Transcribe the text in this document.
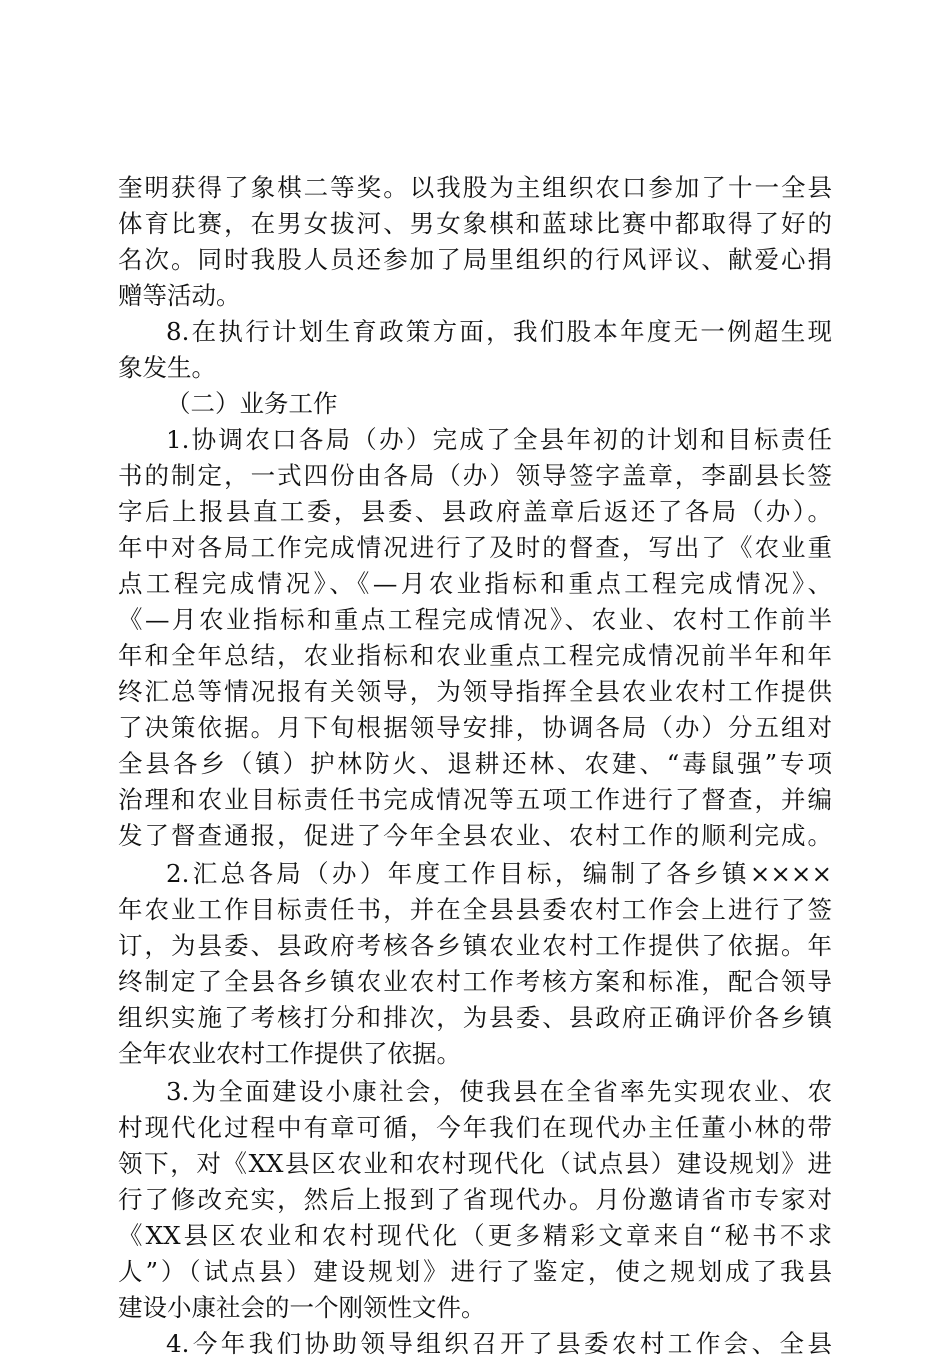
奎明获得了象棋二等奖。以我股为主组织农口参加了十一全县
体育比赛，在男女拔河、男女象棋和蓝球比赛中都取得了好的
名次。同时我股人员还参加了局里组织的行风评议、献爱心捐
赠等活动。
8.在执行计划生育政策方面，我们股本年度无一例超生现
象发生。
（二）业务工作
1.协调农口各局（办）完成了全县年初的计划和目标责任
书的制定，一式四份由各局（办）领导签字盖章，李副县长签
字后上报县直工委，县委、县政府盖章后返还了各局（办）。
年中对各局工作完成情况进行了及时的督查，写出了《农业重
点工程完成情况》、《—月农业指标和重点工程完成情况》、
《—月农业指标和重点工程完成情况》、农业、农村工作前半
年和全年总结，农业指标和农业重点工程完成情况前半年和年
终汇总等情况报有关领导，为领导指挥全县农业农村工作提供
了决策依据。月下旬根据领导安排，协调各局（办）分五组对
全县各乡（镇）护林防火、退耕还林、农建、“毒鼠强”专项
治理和农业目标责任书完成情况等五项工作进行了督查，并编
发了督查通报，促进了今年全县农业、农村工作的顺利完成。
2.汇总各局（办）年度工作目标，编制了各乡镇××××
年农业工作目标责任书，并在全县县委农村工作会上进行了签
订，为县委、县政府考核各乡镇农业农村工作提供了依据。年
终制定了全县各乡镇农业农村工作考核方案和标准，配合领导
组织实施了考核打分和排次，为县委、县政府正确评价各乡镇
全年农业农村工作提供了依据。
3.为全面建设小康社会，使我县在全省率先实现农业、农
村现代化过程中有章可循，今年我们在现代办主任董小林的带
领下，对《XX县区农业和农村现代化（试点县）建设规划》进
行了修改充实，然后上报到了省现代办。月份邀请省市专家对
《XX县区农业和农村现代化（更多精彩文章来自“秘书不求
人”）（试点县）建设规划》进行了鉴定，使之规划成了我县
建设小康社会的一个刚领性文件。
4.今年我们协助领导组织召开了县委农村工作会、全县
